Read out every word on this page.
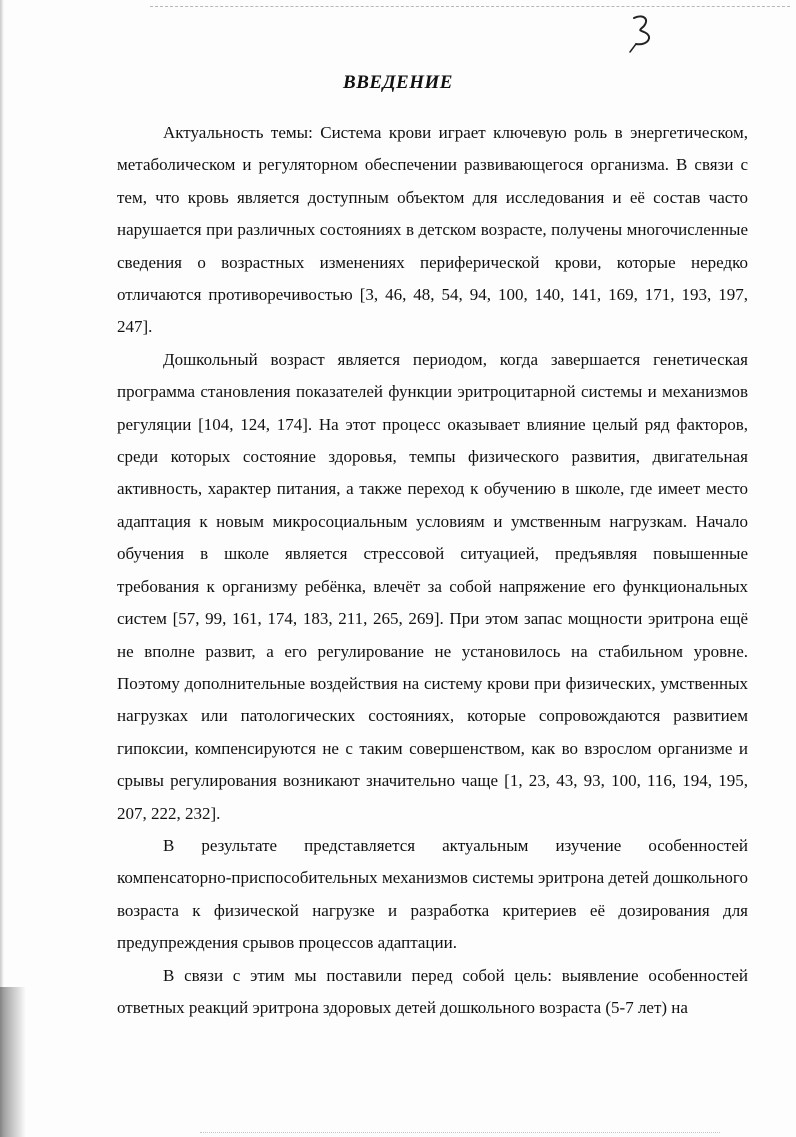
ВВЕДЕНИЕ

Актуальность темы: Система крови играет ключевую роль в энергетическом, метаболическом и регуляторном обеспечении развивающегося организма. В связи с тем, что кровь является доступным объектом для исследования и её состав часто нарушается при различных состояниях в детском возрасте, получены многочисленные сведения о возрастных изменениях периферической крови, которые нередко отличаются противоречивостью [3, 46, 48, 54, 94, 100, 140, 141, 169, 171, 193, 197, 247].

Дошкольный возраст является периодом, когда завершается генетическая программа становления показателей функции эритроцитарной системы и механизмов регуляции [104, 124, 174]. На этот процесс оказывает влияние целый ряд факторов, среди которых состояние здоровья, темпы физического развития, двигательная активность, характер питания, а также переход к обучению в школе, где имеет место адаптация к новым микросоциальным условиям и умственным нагрузкам. Начало обучения в школе является стрессовой ситуацией, предъявляя повышенные требования к организму ребёнка, влечёт за собой напряжение его функциональных систем [57, 99, 161, 174, 183, 211, 265, 269]. При этом запас мощности эритрона ещё не вполне развит, а его регулирование не установилось на стабильном уровне. Поэтому дополнительные воздействия на систему крови при физических, умственных нагрузках или патологических состояниях, которые сопровождаются развитием гипоксии, компенсируются не с таким совершенством, как во взрослом организме и срывы регулирования возникают значительно чаще [1, 23, 43, 93, 100, 116, 194, 195, 207, 222, 232].

В результате представляется актуальным изучение особенностей компенсаторно-приспособительных механизмов системы эритрона детей дошкольного возраста к физической нагрузке и разработка критериев её дозирования для предупреждения срывов процессов адаптации.

В связи с этим мы поставили перед собой цель: выявление особенностей ответных реакций эритрона здоровых детей дошкольного возраста (5-7 лет) на
